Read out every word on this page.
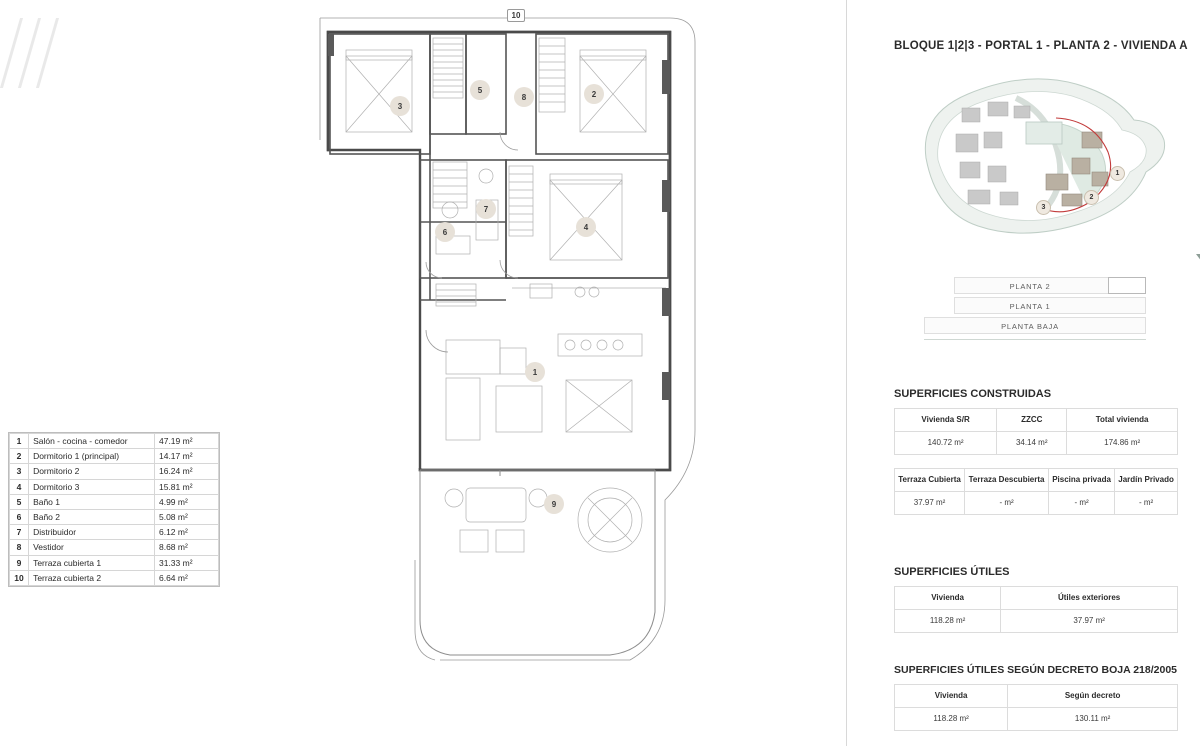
1	Salón - cocina - comedor	47.19 m²
2	Dormitorio 1 (principal)	14.17 m²
3	Dormitorio 2	16.24 m²
4	Dormitorio 3	15.81 m²
5	Baño 1	4.99 m²
6	Baño 2	5.08 m²
7	Distribuidor	6.12 m²
8	Vestidor	8.68 m²
9	Terraza cubierta 1	31.33 m²
10	Terraza cubierta 2	6.64 m²
3
2
5
8
7
6
4
1
9
10
BLOQUE 1|2|3 - PORTAL 1 - PLANTA 2 - VIVIENDA A
1
2
3
PLANTA 2
PLANTA 1
PLANTA BAJA
SUPERFICIES CONSTRUIDAS
Vivienda S/R	ZZCC	Total vivienda
140.72 m²	34.14 m²	174.86 m²
Terraza Cubierta	Terraza Descubierta	Piscina privada	Jardín Privado
37.97 m²	- m²	- m²	- m²
SUPERFICIES ÚTILES
Vivienda	Útiles exteriores
118.28 m²	37.97 m²
SUPERFICIES ÚTILES SEGÚN DECRETO BOJA 218/2005
Vivienda	Según decreto
118.28 m²	130.11 m²
